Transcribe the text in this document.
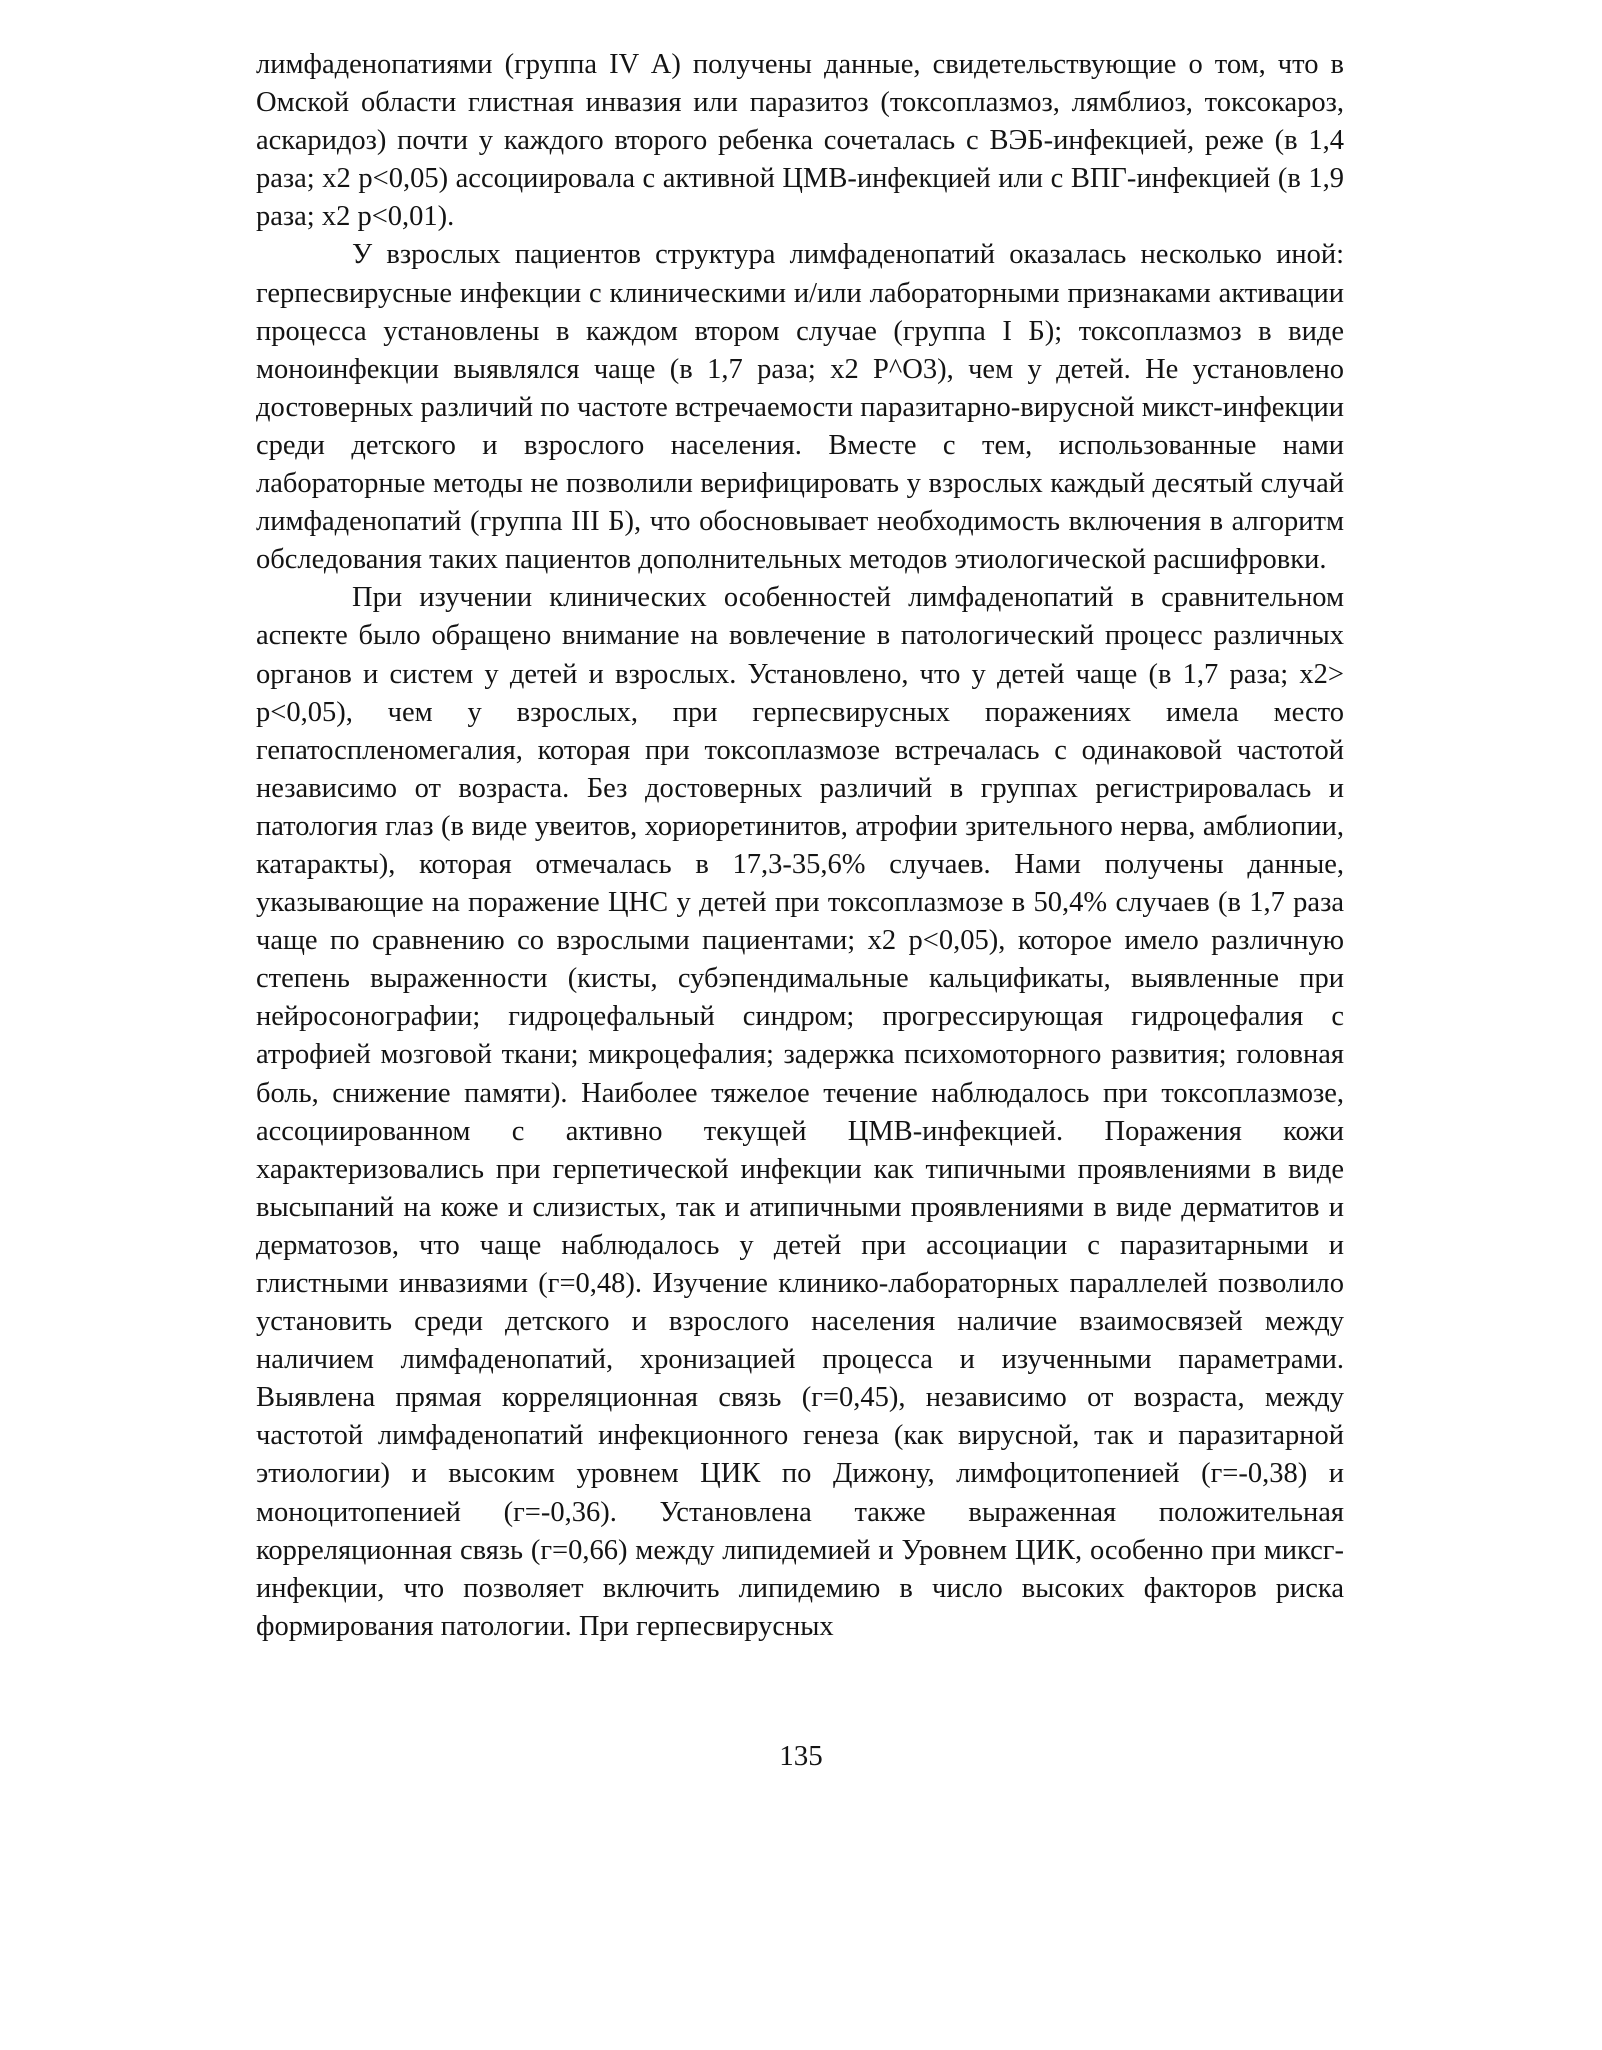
лимфаденопатиями (группа IV А) получены данные, свидетельствующие о том, что в Омской области глистная инвазия или паразитоз (токсоплазмоз, лямблиоз, токсокароз, аскаридоз) почти у каждого второго ребенка сочеталась с ВЭБ-инфекцией, реже (в 1,4 раза; x2 p<0,05) ассоциировала с активной ЦМВ-инфекцией или с ВПГ-инфекцией (в 1,9 раза; x2 p<0,01).

У взрослых пациентов структура лимфаденопатий оказалась несколько иной: герпесвирусные инфекции с клиническими и/или лабораторными признаками активации процесса установлены в каждом втором случае (группа I Б); токсоплазмоз в виде моноинфекции выявлялся чаще (в 1,7 раза; x2 P^O3), чем у детей. Не установлено достоверных различий по частоте встречаемости паразитарно-вирусной микст-инфекции среди детского и взрослого населения. Вместе с тем, использованные нами лабораторные методы не позволили верифицировать у взрослых каждый десятый случай лимфаденопатий (группа III Б), что обосновывает необходимость включения в алгоритм обследования таких пациентов дополнительных методов этиологической расшифровки.

При изучении клинических особенностей лимфаденопатий в сравнительном аспекте было обращено внимание на вовлечение в патологический процесс различных органов и систем у детей и взрослых. Установлено, что у детей чаще (в 1,7 раза; x2> p<0,05), чем у взрослых, при герпесвирусных поражениях имела место гепатоспленомегалия, которая при токсоплазмозе встречалась с одинаковой частотой независимо от возраста. Без достоверных различий в группах регистрировалась и патология глаз (в виде увеитов, хориоретинитов, атрофии зрительного нерва, амблиопии, катаракты), которая отмечалась в 17,3-35,6% случаев. Нами получены данные, указывающие на поражение ЦНС у детей при токсоплазмозе в 50,4% случаев (в 1,7 раза чаще по сравнению со взрослыми пациентами; x2 p<0,05), которое имело различную степень выраженности (кисты, субэпендимальные кальцификаты, выявленные при нейросонографии; гидроцефальный синдром; прогрессирующая гидроцефалия с атрофией мозговой ткани; микроцефалия; задержка психомоторного развития; головная боль, снижение памяти). Наиболее тяжелое течение наблюдалось при токсоплазмозе, ассоциированном с активно текущей ЦМВ-инфекцией. Поражения кожи характеризовались при герпетической инфекции как типичными проявлениями в виде высыпаний на коже и слизистых, так и атипичными проявлениями в виде дерматитов и дерматозов, что чаще наблюдалось у детей при ассоциации с паразитарными и глистными инвазиями (г=0,48). Изучение клинико-лабораторных параллелей позволило установить среди детского и взрослого населения наличие взаимосвязей между наличием лимфаденопатий, хронизацией процесса и изученными параметрами. Выявлена прямая корреляционная связь (г=0,45), независимо от возраста, между частотой лимфаденопатий инфекционного генеза (как вирусной, так и паразитарной этиологии) и высоким уровнем ЦИК по Дижону, лимфоцитопенией (г=-0,38) и моноцитопенией (г=-0,36). Установлена также выраженная положительная корреляционная связь (г=0,66) между липидемией и Уровнем ЦИК, особенно при миксг-инфекции, что позволяет включить липидемию в число высоких факторов риска формирования патологии. При герпесвирусных

135
